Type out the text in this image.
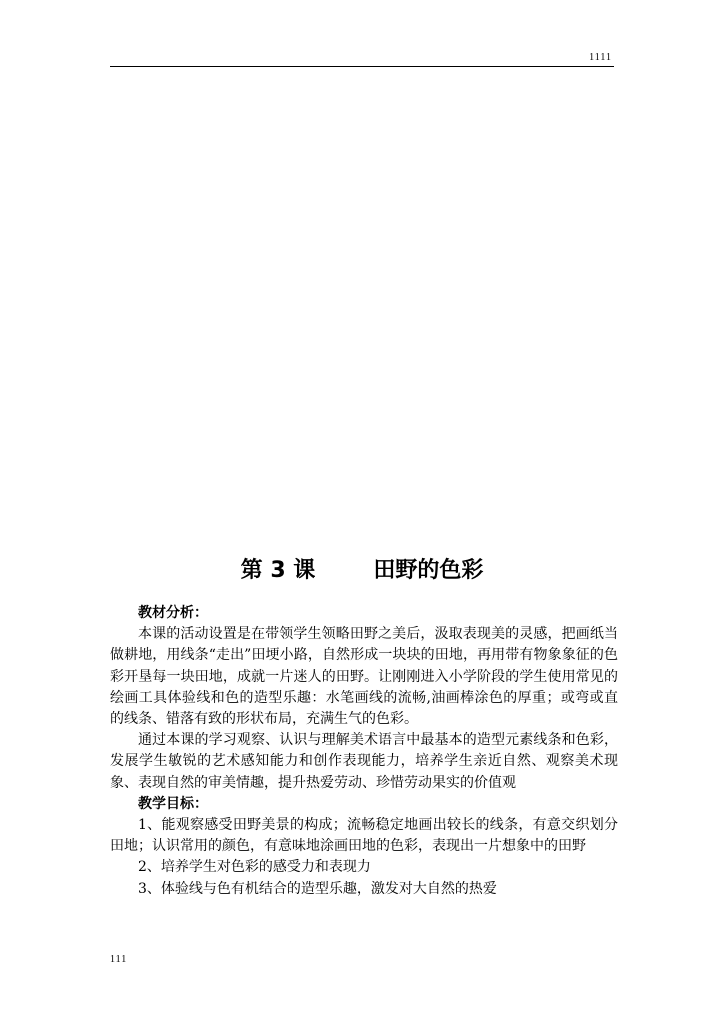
1111
第 3 课	田野的色彩

教材分析：

本课的活动设置是在带领学生领略田野之美后，汲取表现美的灵感，把画纸当做耕地，用线条“走出”田埂小路，自然形成一块块的田地，再用带有物象象征的色彩开垦每一块田地，成就一片迷人的田野。让刚刚进入小学阶段的学生使用常见的绘画工具体验线和色的造型乐趣：水笔画线的流畅,油画棒涂色的厚重；或弯或直的线条、错落有致的形状布局，充满生气的色彩。

通过本课的学习观察、认识与理解美术语言中最基本的造型元素线条和色彩，发展学生敏锐的艺术感知能力和创作表现能力，培养学生亲近自然、观察美术现象、表现自然的审美情趣，提升热爱劳动、珍惜劳动果实的价值观

教学目标：

1、能观察感受田野美景的构成；流畅稳定地画出较长的线条，有意交织划分田地；认识常用的颜色，有意味地涂画田地的色彩，表现出一片想象中的田野

2、培养学生对色彩的感受力和表现力

3、体验线与色有机结合的造型乐趣，激发对大自然的热爱

111
